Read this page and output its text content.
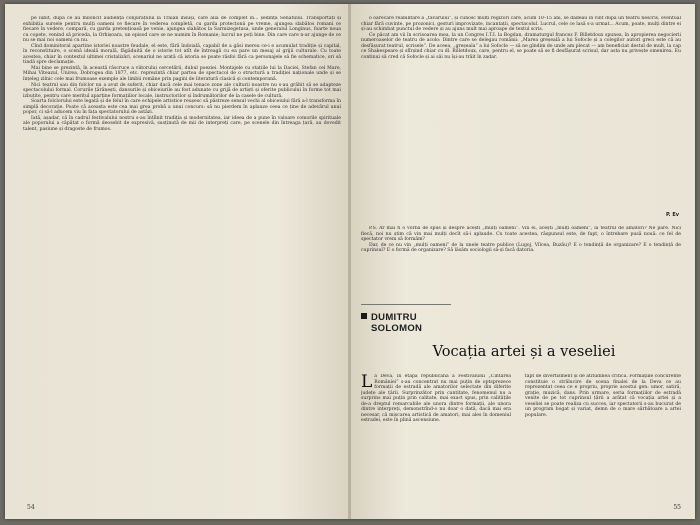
pe iubit, după ce au miloncit audiența conjurațului la Traian însuși, care alia de complet în... ședința Senatului. Transportați și exhibiția sursele pentru mulți oameni ce fiecare în vederea completă, cu garda protecțonii pe vreme, ajungea slabătos romani ce fiecare în vedere, compară, cu garda pretențioasă pe venie, ajungea slabătos la Sarmizegetusa, unde generalul Longinus, foarte noua cu copete, venind să priceda, la Orhișoara, un episod care se ne numim în Romanie; lucrul ne poți bine. Din care care n-ar ajunge de ce nu se mai noi oameni cu nu.

Cînd dominitoral apartine istoriei noastre feudale, el este, fără îndoială, capabil de a găsi mereu ce-i e acumulat tradiție și capital, în reconstituire, o scenă ideală morală, făgăduită de o istorie tot atît de întreagă cu ea pare un mesaj al grijii culturale. Cu toate acestea, chiar în contextul ultimei cristalizări, scenariul ne arată că istoria se poate răsfoi fără ca personajele să fie schematice, ori să tindă spre declamație.

Mai bine se prezintă, în această răscruce a viitorului cercetării, dubul poeziei. Montajele cu stațiile lui la Daciei, Stefan cel Mare, Mihai Viteazul, Unirea, Dobrogea din 1877, etc. reprezintă chiar partea de spectacol de o structură a tradiției naționale unde și se înțeleg zilnic cele mai frumoase exemple ale limbii române prin pagini de literatură clasică și contemporană.

Nici teatrul sau din folclor nu a avut de suferit, chiar dacă cele mai tenace zone ale culturii noastre nu s-au grăbit să se adapteze spectacolului formal. Corurile țărănești, dansurile și obiceiurile au fost adunate cu grijă de artiști și oferite publicului în forme tot mai izbutite, pentru care meritul aparține formațiilor locale, instructorilor și îndrumătorilor de la casele de cultură.

Soarta folclorului este legată și de felul în care echipele artistice reușesc să păstreze sensul vechi al obiceiului fără a-l transforma în simplă decorație. Poate că aceasta este cea mai grea probă a unui concurs: să nu pierdem în aplauze ceea ce ține de adevărul unui popor, ci să-l aducem viu în fața spectatorului de astăzi.

Iată, așadar, că în cadrul festivalului nostru s-au întîlnit tradiția și modernitatea, iar ideea de a pune în valoare comorile spirituale ale poporului a căpătat o formă deosebit de expresivă, susținută de mii de interpreți care, pe scenele din întreaga țară, au dovedit talent, pasiune și dragoste de frumos.

54

o oarecare reabilitare a „tăvarului”, și cunosc mulți regizori care, acum 10–15 ani, se dădeau în vînt după un teatru nescris, eventual chiar fără cuvinte, pe prozonici, gesturi improvizate, incantații, spectacolul. Lucrul, cele ce lasă s-a urmat... Acum, poate, mulți dintre ei și-au schimbat punctul de vedere și au ajuns mult mai aproape de textul scris.

Ce păcat am vii în scrisoarea mea, la un Congres I.T.I. la Bogdan, dramaturgul francez F. Billetdoux spunea, în apropierea negocierii numeroaselor de teatru de acolo: Dintre care se delegau românii: „Marea greșeală a lui Sofocle și a colegilor autori greci este că au desfășurat teatrul, scrisele”. De aceea, „greșeala” a lui Sofocle — să ne gîndim de unde am plecat — am beneficiat destul de mult, la cap ce Shakespeare și sfîrșind chiar cu dl. Billetdoux, care, pentru el, se poate să se fi desfășurat scrisul, dar asta nu privește omenirea. Eu continui să cred că Sofocle și ai săi nu își-au trăit în zadar.

P. Ev

P.S. Ar mai fi o vorbă de spus și despre acești „mulți oameni”. Vin ei, acești „mulți oameni”, la teatrul de amatori? Ne pare. Nici fiecă, noi nu știm că vin mai mulți decît să-i aplaude. Cu toate acestea, răspunsul este, de fapt, o întrebare pusă nouă: ce fel de spectator vrem să formăm?

Dar, de ce nu vin „mulți oameni” de la unele teatre publice (Lugoj, Vîlcea, Buzău)? E o tendință de organizare? E o tendință de cuprinsul? E o formă de organizare? Să lăsăm sociologii să-și facă datoria.

DUMITRU
SOLOMON
Vocația artei și a veseliei

La Deva, în etapa republicană a Festivalului „Cîntarea României” s-au concentrat nu mai puțin de optsprezece formații de estradă ale amatorilor selectate din diferite județe ale țării. Surprinzător prin cantitate, fenomenul nu a surprins mai puțin prin calitate, mai exact spus, prin calitățile de-a dreptul remarcabile ale unora dintre formații, ale unora dintre interpreți, demonstrînd-o nu doar o dată, dacă mai era necesar, că mișcarea artistică de amatori, mai ales în domeniul estradei, este în plină ascensiune.

fapt de divertisment și de atitudinea critică. Formațiile concurente constituie o strălucire de scena finalei de la Deva ce au reprezentat ceea ce e propriu, proprie acestui gen: umor, satiră, grație, muzică, dans. Prin urmare, seria formațiilor de estradă venite de pe tot cuprinsul țării a arătat că vocația artei și a veseliei se poate realiza cu succes, iar spectatorii s-au bucurat de un program bogat și variat, demn de o mare sărbătoare a artei populare.

55
